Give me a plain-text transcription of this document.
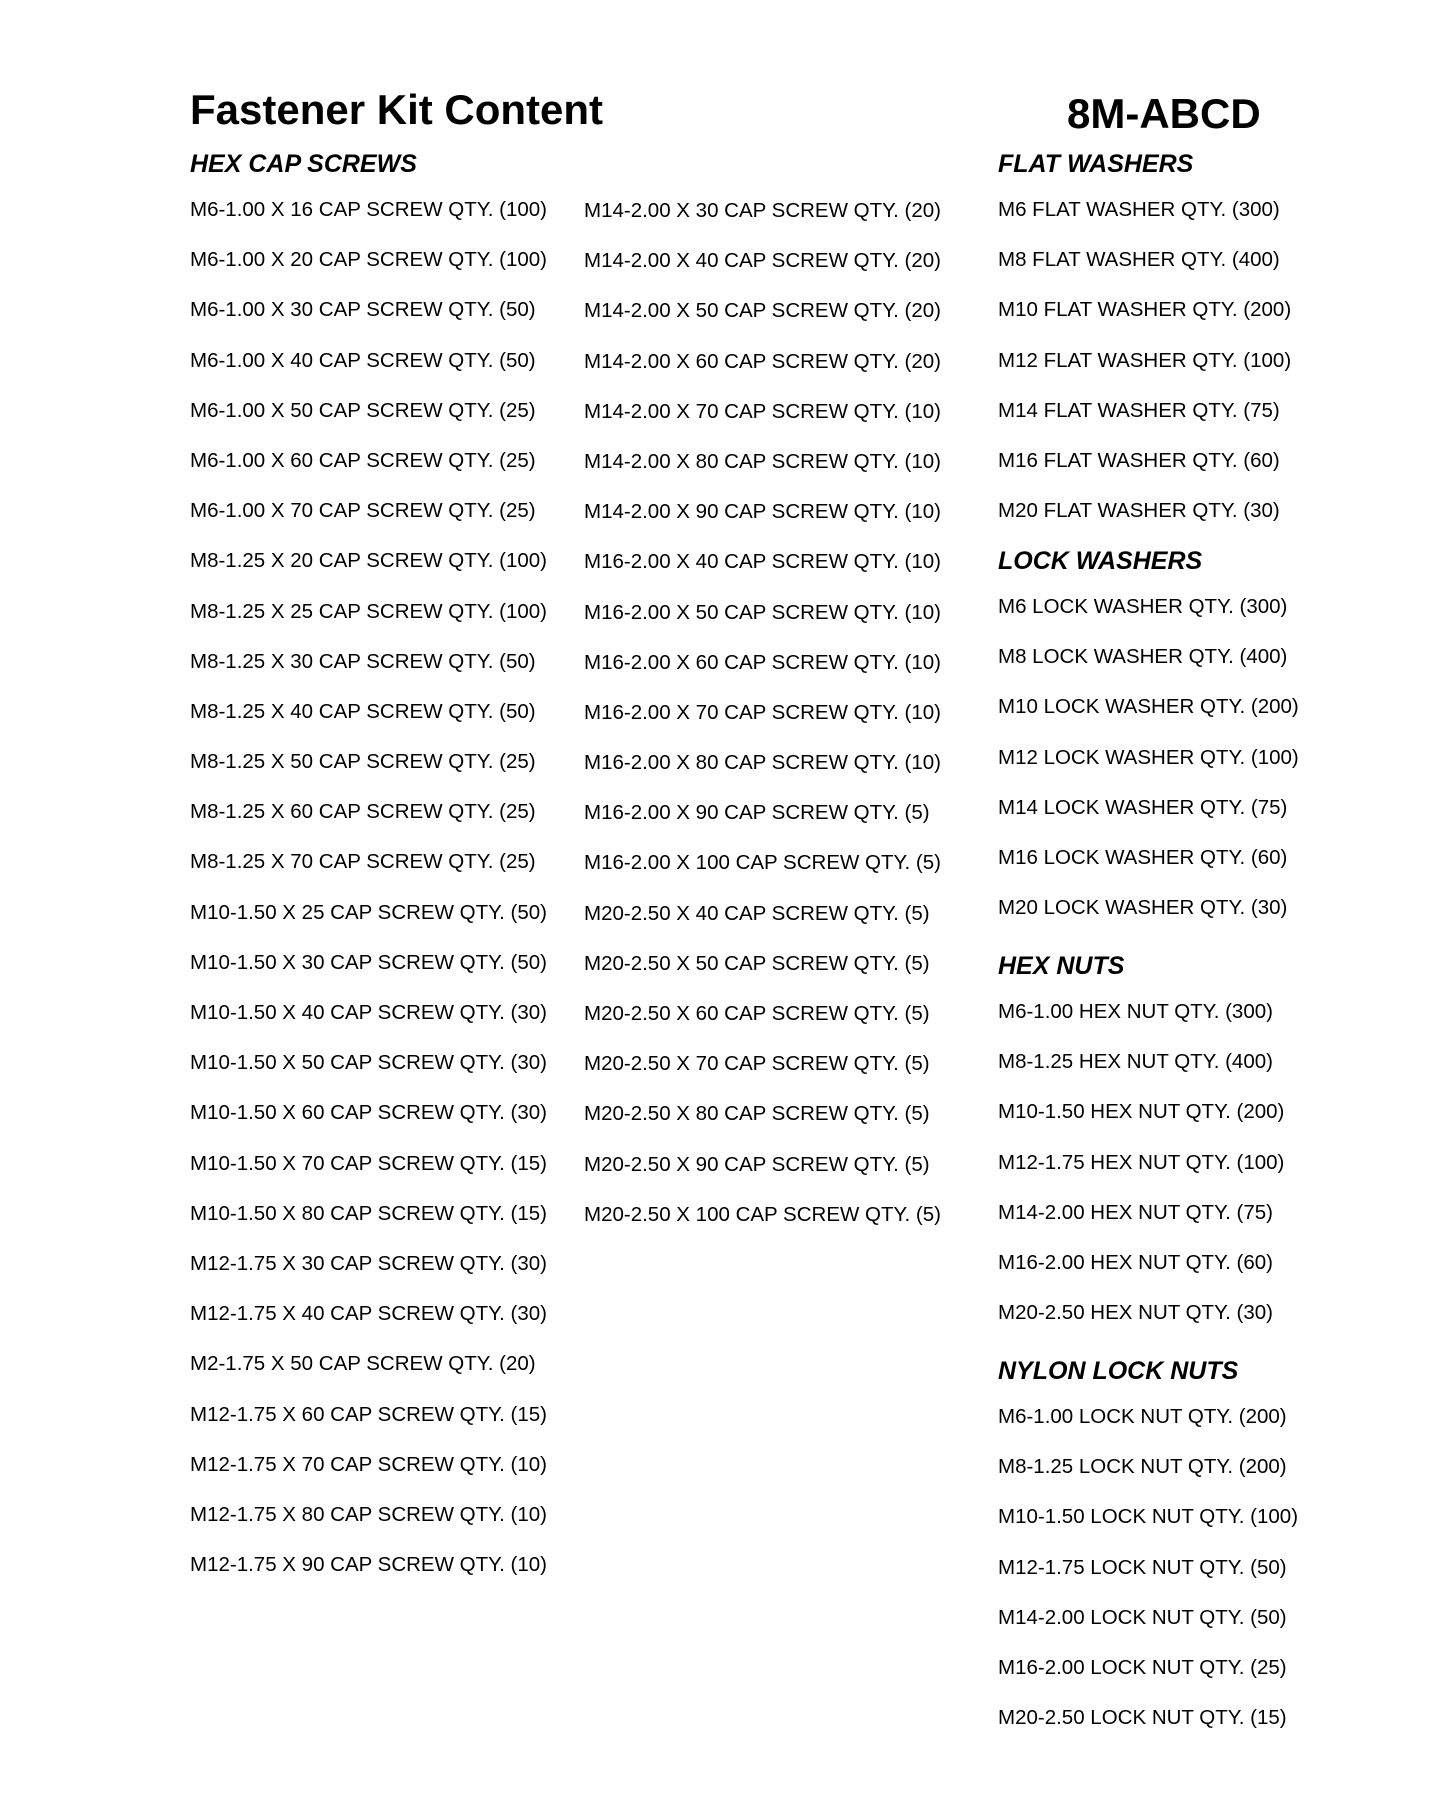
Fastener Kit Content	8M-ABCD
HEX CAP SCREWS
M6-1.00 X 16 CAP SCREW QTY. (100)
M6-1.00 X 20 CAP SCREW QTY. (100)
M6-1.00 X 30 CAP SCREW QTY. (50)
M6-1.00 X 40 CAP SCREW QTY. (50)
M6-1.00 X 50 CAP SCREW QTY. (25)
M6-1.00 X 60 CAP SCREW QTY. (25)
M6-1.00 X 70 CAP SCREW QTY. (25)
M8-1.25 X 20 CAP SCREW QTY. (100)
M8-1.25 X 25 CAP SCREW QTY. (100)
M8-1.25 X 30 CAP SCREW QTY. (50)
M8-1.25 X 40 CAP SCREW QTY. (50)
M8-1.25 X 50 CAP SCREW QTY. (25)
M8-1.25 X 60 CAP SCREW QTY. (25)
M8-1.25 X 70 CAP SCREW QTY. (25)
M10-1.50 X 25 CAP SCREW QTY. (50)
M10-1.50 X 30 CAP SCREW QTY. (50)
M10-1.50 X 40 CAP SCREW QTY. (30)
M10-1.50 X 50 CAP SCREW QTY. (30)
M10-1.50 X 60 CAP SCREW QTY. (30)
M10-1.50 X 70 CAP SCREW QTY. (15)
M10-1.50 X 80 CAP SCREW QTY. (15)
M12-1.75 X 30 CAP SCREW QTY. (30)
M12-1.75 X 40 CAP SCREW QTY. (30)
M2-1.75 X 50 CAP SCREW QTY. (20)
M12-1.75 X 60 CAP SCREW QTY. (15)
M12-1.75 X 70 CAP SCREW QTY. (10)
M12-1.75 X 80 CAP SCREW QTY. (10)
M12-1.75 X 90 CAP SCREW QTY. (10)
M14-2.00 X 30 CAP SCREW QTY. (20)
M14-2.00 X 40 CAP SCREW QTY. (20)
M14-2.00 X 50 CAP SCREW QTY. (20)
M14-2.00 X 60 CAP SCREW QTY. (20)
M14-2.00 X 70 CAP SCREW QTY. (10)
M14-2.00 X 80 CAP SCREW QTY. (10)
M14-2.00 X 90 CAP SCREW QTY. (10)
M16-2.00 X 40 CAP SCREW QTY. (10)
M16-2.00 X 50 CAP SCREW QTY. (10)
M16-2.00 X 60 CAP SCREW QTY. (10)
M16-2.00 X 70 CAP SCREW QTY. (10)
M16-2.00 X 80 CAP SCREW QTY. (10)
M16-2.00 X 90 CAP SCREW QTY. (5)
M16-2.00 X 100 CAP SCREW QTY. (5)
M20-2.50 X 40 CAP SCREW QTY. (5)
M20-2.50 X 50 CAP SCREW QTY. (5)
M20-2.50 X 60 CAP SCREW QTY. (5)
M20-2.50 X 70 CAP SCREW QTY. (5)
M20-2.50 X 80 CAP SCREW QTY. (5)
M20-2.50 X 90 CAP SCREW QTY. (5)
M20-2.50 X 100 CAP SCREW QTY. (5)
FLAT WASHERS
M6 FLAT WASHER QTY. (300)
M8 FLAT WASHER QTY. (400)
M10 FLAT WASHER QTY. (200)
M12 FLAT WASHER QTY. (100)
M14 FLAT WASHER QTY. (75)
M16 FLAT WASHER QTY. (60)
M20 FLAT WASHER QTY. (30)
LOCK WASHERS
M6 LOCK WASHER QTY. (300)
M8 LOCK WASHER QTY. (400)
M10 LOCK WASHER QTY. (200)
M12 LOCK WASHER QTY. (100)
M14 LOCK WASHER QTY. (75)
M16 LOCK WASHER QTY. (60)
M20 LOCK WASHER QTY. (30)
HEX NUTS
M6-1.00 HEX NUT QTY. (300)
M8-1.25 HEX NUT QTY. (400)
M10-1.50 HEX NUT QTY. (200)
M12-1.75 HEX NUT QTY. (100)
M14-2.00 HEX NUT QTY. (75)
M16-2.00 HEX NUT QTY. (60)
M20-2.50 HEX NUT QTY. (30)
NYLON LOCK NUTS
M6-1.00 LOCK NUT QTY. (200)
M8-1.25 LOCK NUT QTY. (200)
M10-1.50 LOCK NUT QTY. (100)
M12-1.75 LOCK NUT QTY. (50)
M14-2.00 LOCK NUT QTY. (50)
M16-2.00 LOCK NUT QTY. (25)
M20-2.50 LOCK NUT QTY. (15)
